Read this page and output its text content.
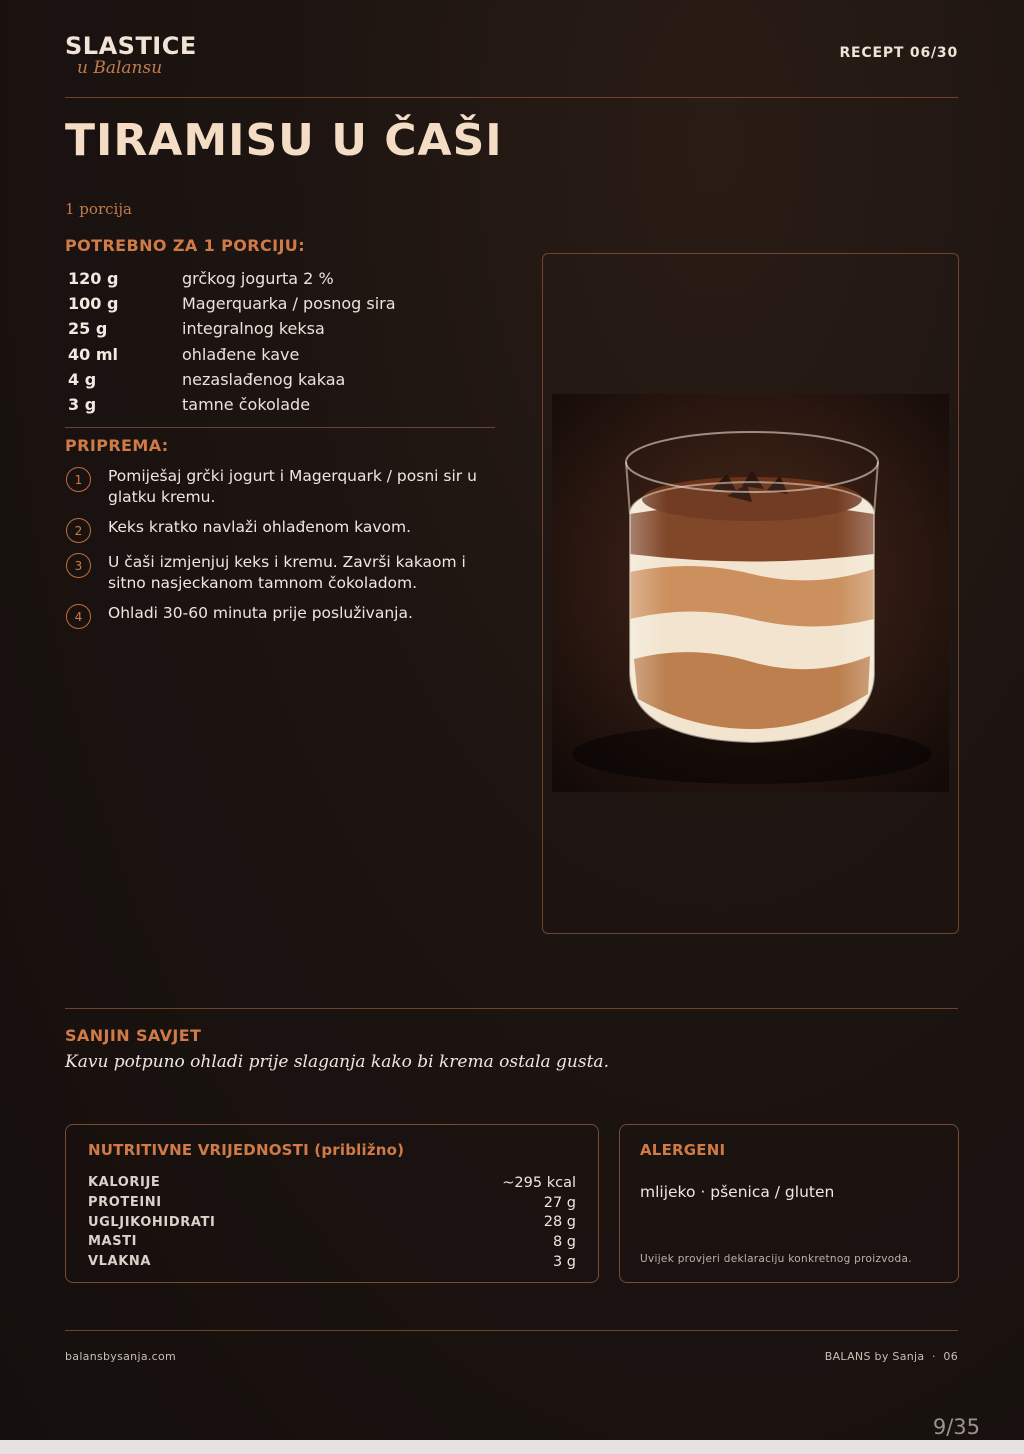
SLASTICE
u Balansu
RECEPT 06/30
TIRAMISU U ČAŠI
1 porcija
POTREBNO ZA 1 PORCIJU:
120 g	grčkog jogurta 2 %
100 g	Magerquarka / posnog sira
25 g	integralnog keksa
40 ml	ohlađene kave
4 g	nezaslađenog kakaa
3 g	tamne čokolade
PRIPREMA:
1	Pomiješaj grčki jogurt i Magerquark / posni sir u glatku kremu.
2	Keks kratko navlaži ohlađenom kavom.
3	U čaši izmjenjuj keks i kremu. Završi kakaom i sitno nasjeckanom tamnom čokoladom.
4	Ohladi 30-60 minuta prije posluživanja.
SANJIN SAVJET
Kavu potpuno ohladi prije slaganja kako bi krema ostala gusta.
NUTRITIVNE VRIJEDNOSTI (približno)
KALORIJE	~295 kcal
PROTEINI	27 g
UGLJIKOHIDRATI	28 g
MASTI	8 g
VLAKNA	3 g
ALERGENI
mlijeko · pšenica / gluten
Uvijek provjeri deklaraciju konkretnog proizvoda.
balansbysanja.com	BALANS by Sanja  ·  06
9/35
